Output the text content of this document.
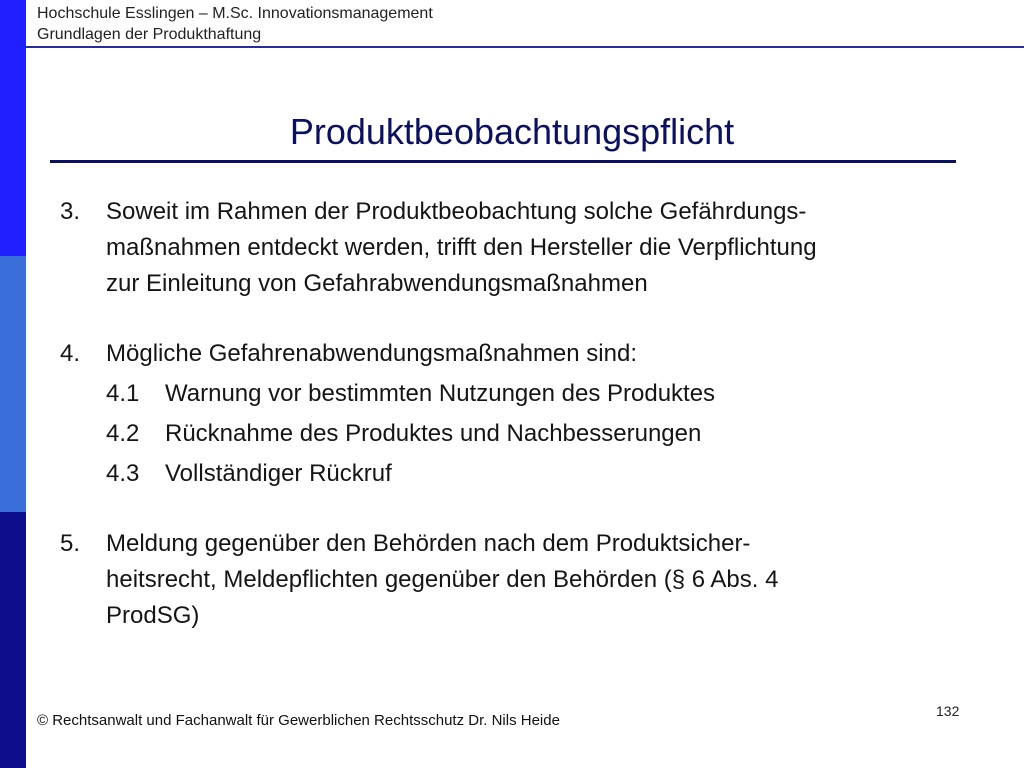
Hochschule Esslingen – M.Sc. Innovationsmanagement
Grundlagen der Produkthaftung
Produktbeobachtungspflicht
3.	Soweit im Rahmen der Produktbeobachtung solche Gefährdungs-
maßnahmen entdeckt werden, trifft den Hersteller die Verpflichtung
zur Einleitung von Gefahrabwendungsmaßnahmen
4.	Mögliche Gefahrenabwendungsmaßnahmen sind:
4.1	Warnung vor bestimmten Nutzungen des Produktes
4.2	Rücknahme des Produktes und Nachbesserungen
4.3	Vollständiger Rückruf
5.	Meldung gegenüber den Behörden nach dem Produktsicher-
heitsrecht, Meldepflichten gegenüber den Behörden (§ 6 Abs. 4
ProdSG)
© Rechtsanwalt und Fachanwalt für Gewerblichen Rechtsschutz Dr. Nils Heide
132
